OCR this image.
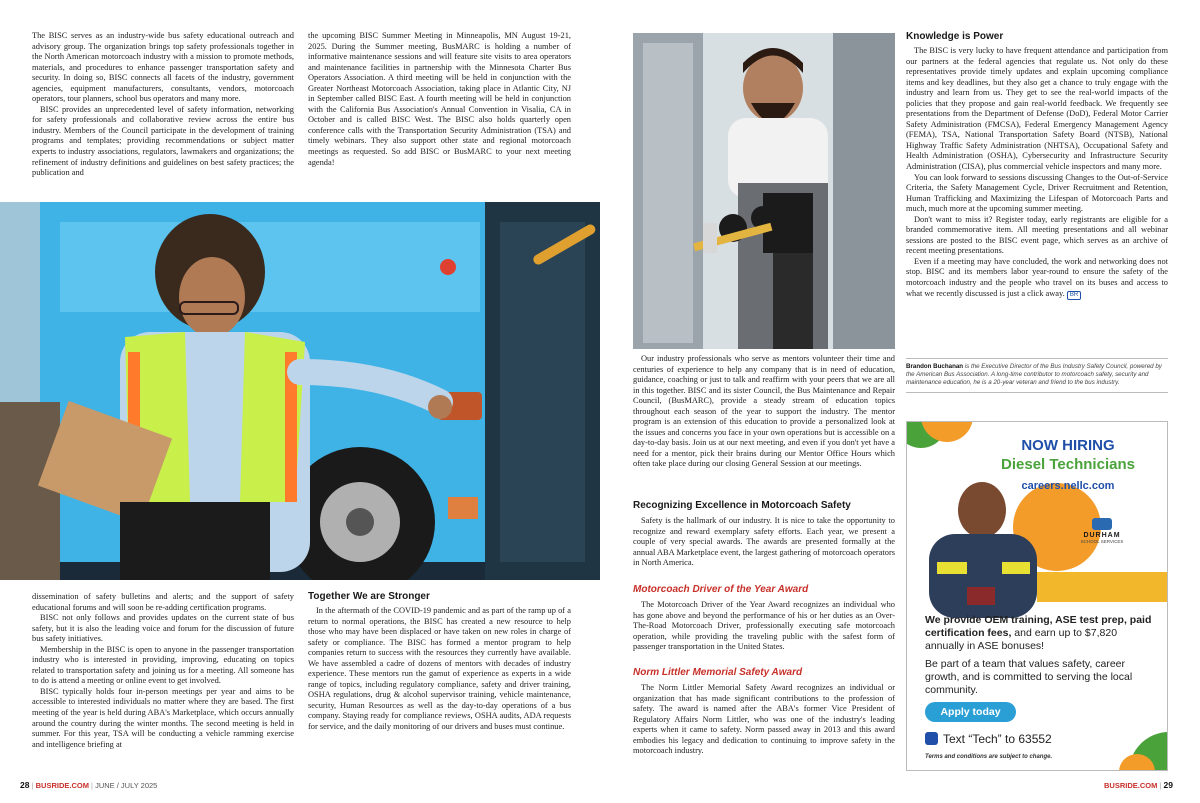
The BISC serves as an industry-wide bus safety educational outreach and advisory group. The organization brings top safety professionals together in the North American motorcoach industry with a mission to promote methods, materials, and procedures to enhance passenger transportation safety and security. In doing so, BISC connects all facets of the industry, government agencies, equipment manufacturers, consultants, vendors, motorcoach operators, tour planners, school bus operators and many more.

BISC provides an unprecedented level of safety information, networking for safety professionals and collaborative review across the entire bus industry. Members of the Council participate in the development of training programs and templates; providing recommendations or subject matter experts to industry associations, regulators, lawmakers and organizations; the refinement of industry definitions and guidelines on best safety practices; the publication and

the upcoming BISC Summer Meeting in Minneapolis, MN August 19-21, 2025. During the Summer meeting, BusMARC is holding a number of informative maintenance sessions and will feature site visits to area operators and maintenance facilities in partnership with the Minnesota Charter Bus Operators Association. A third meeting will be held in conjunction with the Greater Northeast Motorcoach Association, taking place in Atlantic City, NJ in September called BISC East. A fourth meeting will be held in conjunction with the California Bus Association's Annual Convention in Visalia, CA in October and is called BISC West. The BISC also holds quarterly open conference calls with the Transportation Security Administration (TSA) and timely webinars. They also support other state and regional motorcoach meetings as requested. So add BISC or BusMARC to your next meeting agenda!

dissemination of safety bulletins and alerts; and the support of safety educational forums and will soon be re-adding certification programs.

BISC not only follows and provides updates on the current state of bus safety, but it is also the leading voice and forum for the discussion of future bus safety initiatives.

Membership in the BISC is open to anyone in the passenger transportation industry who is interested in providing, improving, educating on topics related to transportation safety and joining us for a meeting. All someone has to do is attend a meeting or online event to get involved.

BISC typically holds four in-person meetings per year and aims to be accessible to interested individuals no matter where they are based. The first meeting of the year is held during ABA's Marketplace, which occurs annually around the country during the winter months. The second meeting is held in summer. For this year, TSA will be conducting a vehicle ramming exercise and intelligence briefing at

Together We are Stronger

In the aftermath of the COVID-19 pandemic and as part of the ramp up of a return to normal operations, the BISC has created a new resource to help those who may have been displaced or have taken on new roles in charge of safety or compliance. The BISC has formed a mentor program to help companies return to success with the resources they currently have available. We have assembled a cadre of dozens of mentors with decades of industry experience. These mentors run the gamut of experience as experts in a wide range of topics, including regulatory compliance, safety and driver training, OSHA regulations, drug & alcohol supervisor training, vehicle maintenance, security, Human Resources as well as the day-to-day operations of a bus company. Staying ready for compliance reviews, OSHA audits, ADA requests for service, and the daily monitoring of our drivers and buses must continue.

28 | BUSRIDE.COM | JUNE / JULY 2025

Our industry professionals who serve as mentors volunteer their time and centuries of experience to help any company that is in need of education, guidance, coaching or just to talk and reaffirm with your peers that we are all in this together. BISC and its sister Council, the Bus Maintenance and Repair Council, (BusMARC), provide a steady stream of education topics throughout each season of the year to support the industry. The mentor program is an extension of this education to provide a personalized look at the issues and concerns you face in your own operations but is accessible on a day-to-day basis. Join us at our next meeting, and even if you don't yet have a need for a mentor, pick their brains during our Mentor Office Hours which often take place during our closing General Session at our meetings.

Recognizing Excellence in Motorcoach Safety

Safety is the hallmark of our industry. It is nice to take the opportunity to recognize and reward exemplary safety efforts. Each year, we present a couple of very special awards. The awards are presented formally at the annual ABA Marketplace event, the largest gathering of motorcoach operators in North America.

Motorcoach Driver of the Year Award

The Motorcoach Driver of the Year Award recognizes an individual who has gone above and beyond the performance of his or her duties as an Over-The-Road Motorcoach Driver, professionally executing safe motorcoach operation, while providing the traveling public with the safest form of passenger transportation in the United States.

Norm Littler Memorial Safety Award

The Norm Littler Memorial Safety Award recognizes an individual or organization that has made significant contributions to the profession of safety. The award is named after the ABA's former Vice President of Regulatory Affairs Norm Littler, who was one of the industry's leading experts when it came to safety. Norm passed away in 2013 and this award embodies his legacy and dedication to continuing to improve safety in the motorcoach industry.

Knowledge is Power

The BISC is very lucky to have frequent attendance and participation from our partners at the federal agencies that regulate us. Not only do these representatives provide timely updates and explain upcoming compliance items and key deadlines, but they also get a chance to truly engage with the industry and learn from us. They get to see the real-world impacts of the policies that they propose and gain real-world feedback. We frequently see presentations from the Department of Defense (DoD), Federal Motor Carrier Safety Administration (FMCSA), Federal Emergency Management Agency (FEMA), TSA, National Transportation Safety Board (NTSB), National Highway Traffic Safety Administration (NHTSA), Occupational Safety and Health Administration (OSHA), Cybersecurity and Infrastructure Security Administration (CISA), plus commercial vehicle inspectors and many more.

You can look forward to sessions discussing Changes to the Out-of-Service Criteria, the Safety Management Cycle, Driver Recruitment and Retention, Human Trafficking and Maximizing the Lifespan of Motorcoach Parts and much, much more at the upcoming summer meeting.

Don't want to miss it? Register today, early registrants are eligible for a branded commemorative item. All meeting presentations and all webinar sessions are posted to the BISC event page, which serves as an archive of recent meeting presentations.

Even if a meeting may have concluded, the work and networking does not stop. BISC and its members labor year-round to ensure the safety of the motorcoach industry and the people who travel on its buses and access to what we recently discussed is just a click away. BR

Brandon Buchanan is the Executive Director of the Bus Industry Safety Council, powered by the American Bus Association. A long-time contributor to motorcoach safety, security and maintenance education, he is a 20-year veteran and friend to the bus industry.
NOW HIRING
Diesel Technicians
careers.nellc.com
DURHAM
SCHOOL SERVICES
We provide OEM training, ASE test prep, paid certification fees, and earn up to $7,820 annually in ASE bonuses!
Be part of a team that values safety, career growth, and is committed to serving the local community.
Apply today
Text “Tech” to 63552
Terms and conditions are subject to change.
BUSRIDE.COM | 29
